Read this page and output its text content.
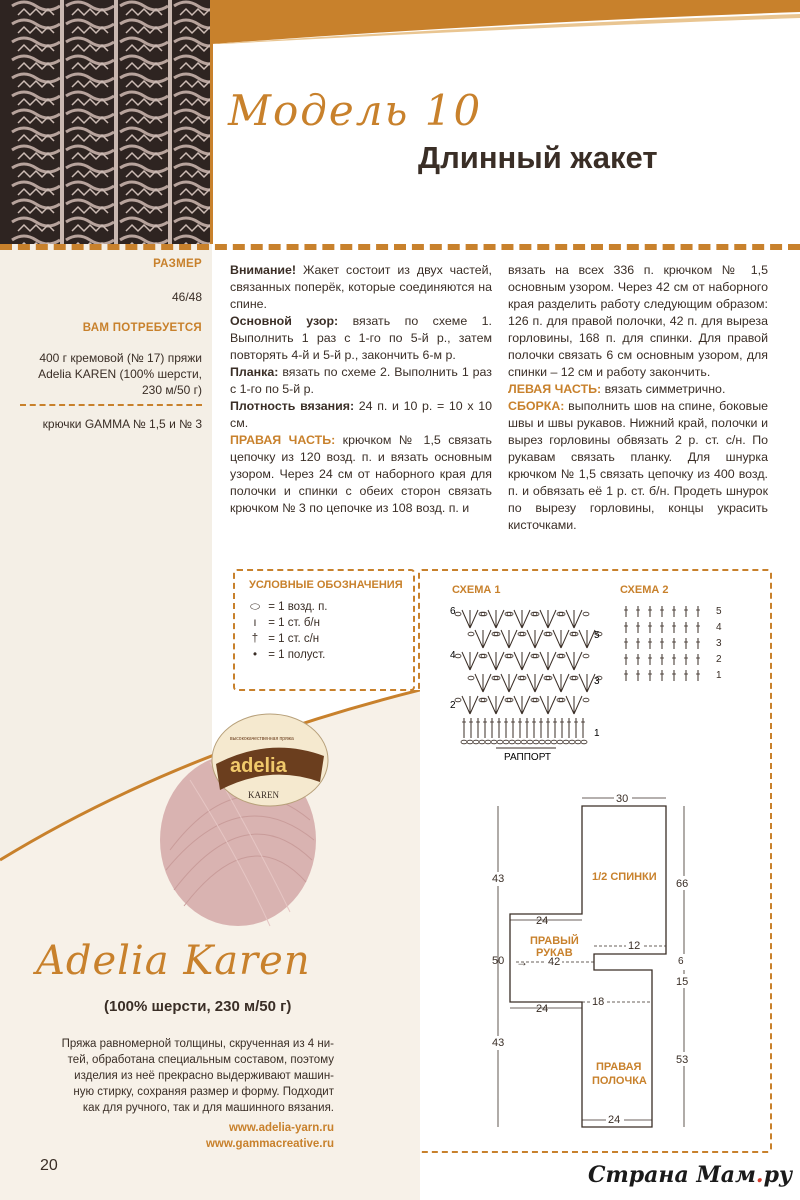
Модель 10
Длинный жакет
РАЗМЕР
46/48
ВАМ ПОТРЕБУЕТСЯ
400 г кремовой (№ 17) пряжи
Adelia KAREN (100% шерсти,
230 м/50 г)
крючки GAMMA № 1,5 и № 3

Внимание! Жакет состоит из двух частей, связанных поперёк, которые соединяются на спине.

Основной узор: вязать по схеме 1. Выполнить 1 раз с 1-го по 5-й р., затем повторять 4-й и 5-й р., закончить 6-м р.

Планка: вязать по схеме 2. Выполнить 1 раз с 1-го по 5-й р.

Плотность вязания: 24 п. и 10 р. = 10 х 10 см.

ПРАВАЯ ЧАСТЬ: крючком № 1,5 связать цепочку из 120 возд. п. и вязать основным узором. Через 24 см от наборного края для полочки и спинки с обеих сторон связать крючком № 3 по цепочке из 108 возд. п. и

вязать на всех 336 п. крючком № 1,5 основным узором. Через 42 см от наборного края разделить работу следующим образом: 126 п. для правой полочки, 42 п. для выреза горловины, 168 п. для спинки. Для правой полочки связать 6 см основным узором, для спинки – 12 см и работу закончить.

ЛЕВАЯ ЧАСТЬ: вязать симметрично.

СБОРКА: выполнить шов на спине, боковые швы и швы рукавов. Нижний край, полочки и вырез горловины обвязать 2 р. ст. с/н. По рукавам связать планку. Для шнурка крючком № 1,5 связать цепочку из 400 возд. п. и обвязать её 1 р. ст. б/н. Продеть шнурок по вырезу горловины, концы украсить кисточками.

УСЛОВНЫЕ ОБОЗНАЧЕНИЯ
⬭ = 1 возд. п.
ı = 1 ст. б/н
† = 1 ст. с/н
• = 1 полуст.
СХЕМА 1
6
4
2
5
3
1
РАППОРТ
СХЕМА 2
5
4
3
2
1
30
43
43
50
24
24
24
→ 42
12
18
66
6
15
53
1/2 СПИНКИ
ПРАВЫЙ
РУКАВ
ПРАВАЯ
ПОЛОЧКА
adelia
KAREN
высококачественная пряжа
Adelia Karen
(100% шерсти, 230 м/50 г)
Пряжа равномерной толщины, скрученная из 4 ни-
тей, обработана специальным составом, поэтому
изделия из неё прекрасно выдерживают машин-
ную стирку, сохраняя размер и форму. Подходит
как для ручного, так и для машинного вязания.
www.adelia-yarn.ru
www.gammacreative.ru
20	Страна Мам.ру
